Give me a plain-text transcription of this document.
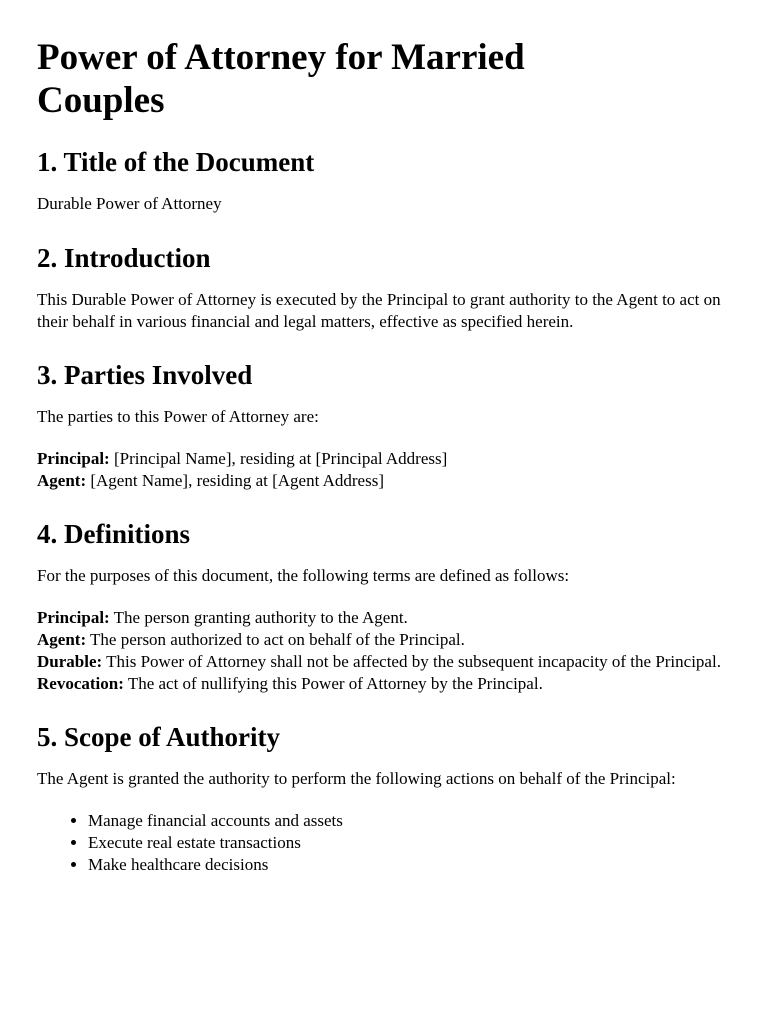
Power of Attorney for Married Couples
1. Title of the Document

Durable Power of Attorney

2. Introduction

This Durable Power of Attorney is executed by the Principal to grant authority to the Agent to act on their behalf in various financial and legal matters, effective as specified herein.

3. Parties Involved

The parties to this Power of Attorney are:

Principal: [Principal Name], residing at [Principal Address]
Agent: [Agent Name], residing at [Agent Address]
4. Definitions

For the purposes of this document, the following terms are defined as follows:

Principal: The person granting authority to the Agent.
Agent: The person authorized to act on behalf of the Principal.
Durable: This Power of Attorney shall not be affected by the subsequent incapacity of the Principal.
Revocation: The act of nullifying this Power of Attorney by the Principal.
5. Scope of Authority

The Agent is granted the authority to perform the following actions on behalf of the Principal:

• Manage financial accounts and assets
• Execute real estate transactions
• Make healthcare decisions
